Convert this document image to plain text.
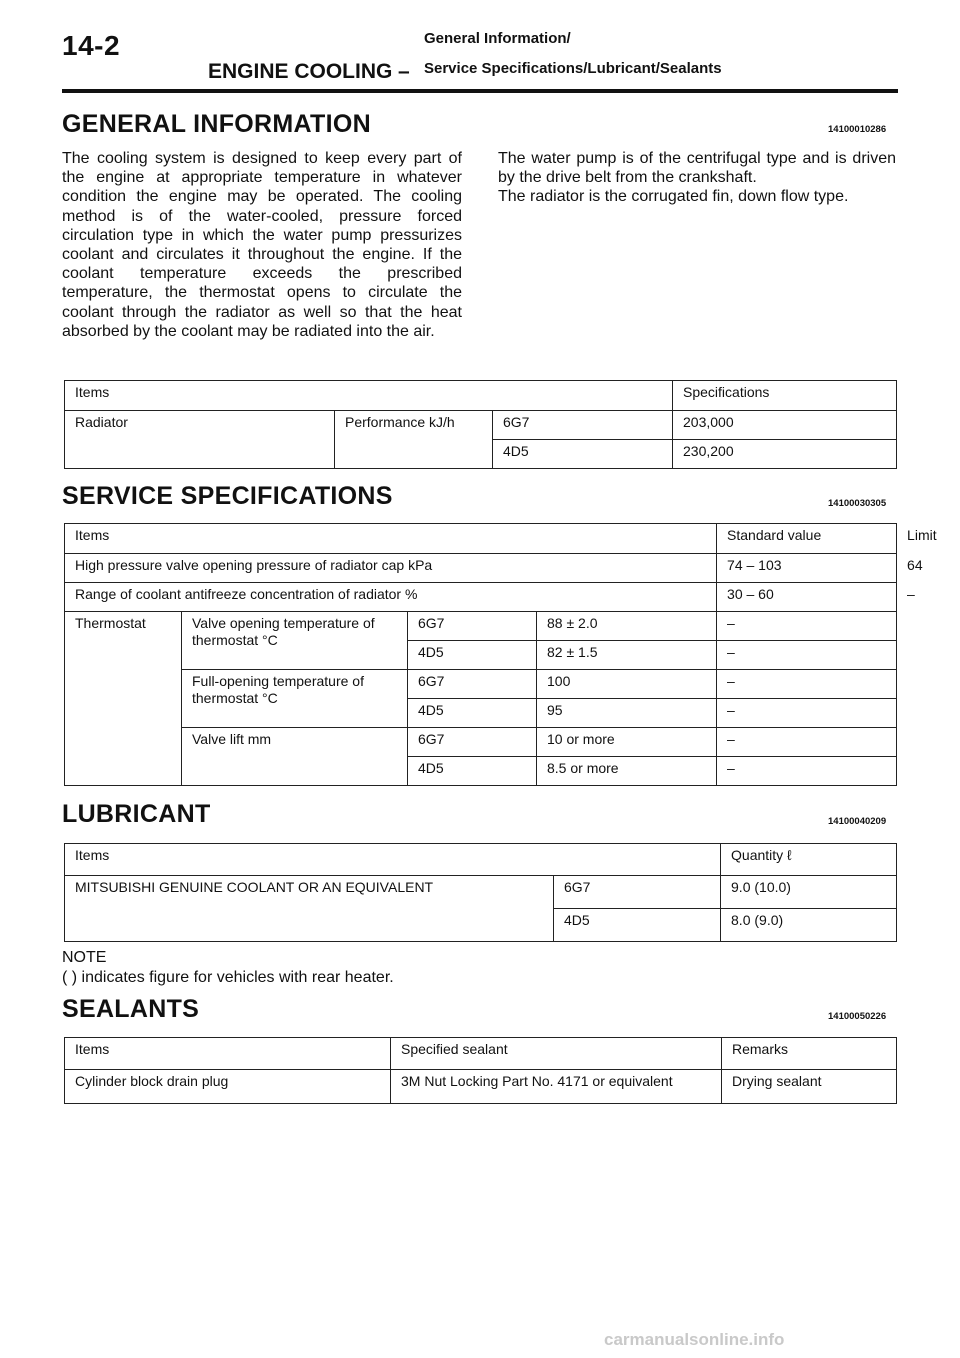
14-2
ENGINE COOLING –
General Information/
Service Specifications/Lubricant/Sealants
GENERAL INFORMATION	14100010286
The cooling system is designed to keep every part of the engine at appropriate temperature in whatever condition the engine may be operated. The cooling method is of the water-cooled, pressure forced circulation type in which the water pump pressurizes coolant and circulates it throughout the engine. If the coolant temperature exceeds the prescribed temperature, the thermostat opens to circulate the coolant through the radiator as well so that the heat absorbed by the coolant may be radiated into the air.
The water pump is of the centrifugal type and is driven by the drive belt from the crankshaft.
The radiator is the corrugated fin, down flow type.
Items			Specifications
Radiator	Performance kJ/h	6G7	203,000
		4D5	230,200
SERVICE SPECIFICATIONS	14100030305
Items				Standard value	Limit
High pressure valve opening pressure of radiator cap kPa				74 – 103	64
Range of coolant antifreeze concentration of radiator %				30 – 60	–
Thermostat	Valve opening temperature of thermostat °C	6G7	88 ± 2.0	–	
		4D5	82 ± 1.5	–	
	Full-opening temperature of thermostat °C	6G7	100	–	
		4D5	95	–	
	Valve lift mm	6G7	10 or more	–	
		4D5	8.5 or more	–	
LUBRICANT	14100040209
Items		Quantity ℓ
MITSUBISHI GENUINE COOLANT OR AN EQUIVALENT	6G7	9.0 (10.0)
	4D5	8.0 (9.0)
NOTE
( ) indicates figure for vehicles with rear heater.
SEALANTS	14100050226
Items	Specified sealant	Remarks
Cylinder block drain plug	3M Nut Locking Part No. 4171 or equivalent	Drying sealant
carmanualsonline.info
